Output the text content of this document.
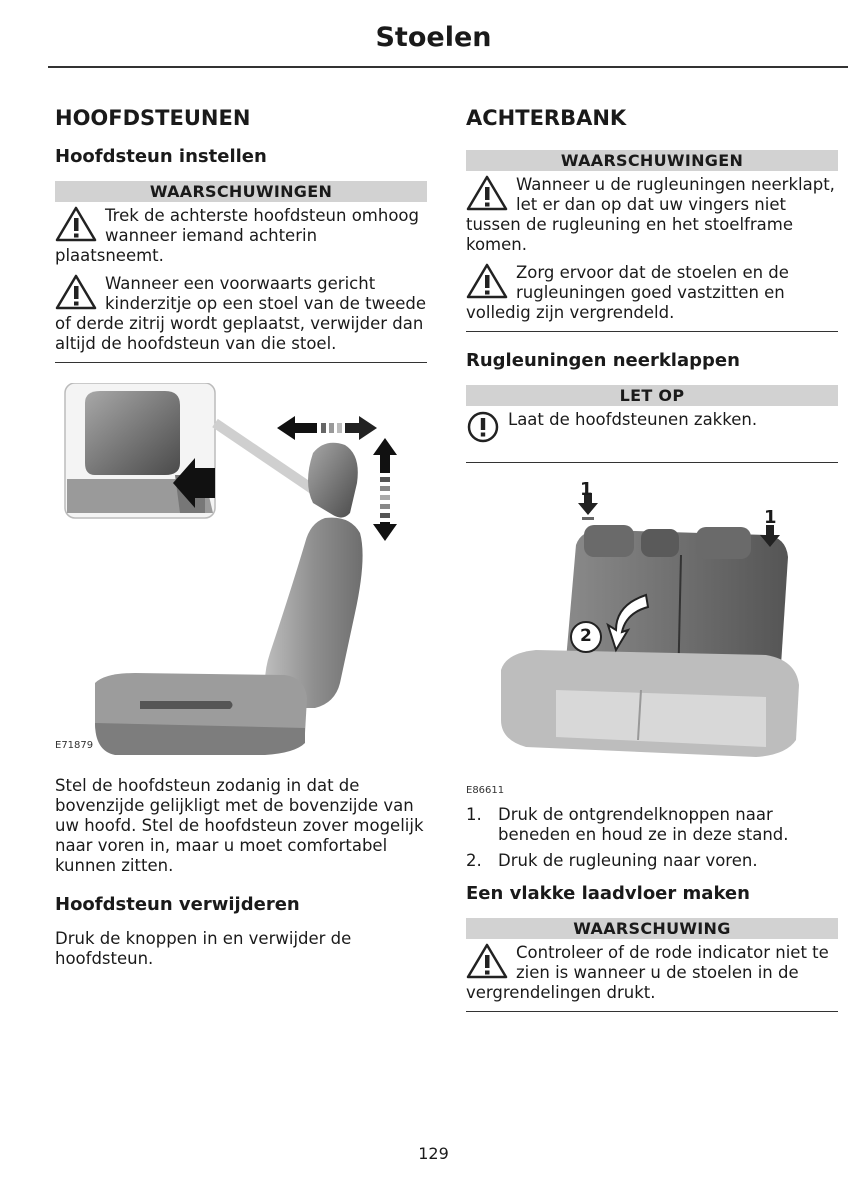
Stoelen
HOOFDSTEUNEN
Hoofdsteun instellen
WAARSCHUWINGEN
Trek de achterste hoofdsteun omhoog wanneer iemand achterin plaatsneemt.
Wanneer een voorwaarts gericht kinderzitje op een stoel van de tweede of derde zitrij wordt geplaatst, verwijder dan altijd de hoofdsteun van die stoel.
E71879

Stel de hoofdsteun zodanig in dat de bovenzijde gelijkligt met de bovenzijde van uw hoofd. Stel de hoofdsteun zover mogelijk naar voren in, maar u moet comfortabel kunnen zitten.

Hoofdsteun verwijderen

Druk de knoppen in en verwijder de hoofdsteun.

ACHTERBANK
WAARSCHUWINGEN
Wanneer u de rugleuningen neerklapt, let er dan op dat uw vingers niet tussen de rugleuning en het stoelframe komen.
Zorg ervoor dat de stoelen en de rugleuningen goed vastzitten en volledig zijn vergrendeld.
Rugleuningen neerklappen
LET OP
Laat de hoofdsteunen zakken.
1
1
2
E86611
1. Druk de ontgrendelknoppen naar beneden en houd ze in deze stand.
2. Druk de rugleuning naar voren.
Een vlakke laadvloer maken
WAARSCHUWING
Controleer of de rode indicator niet te zien is wanneer u de stoelen in de vergrendelingen drukt.
129
